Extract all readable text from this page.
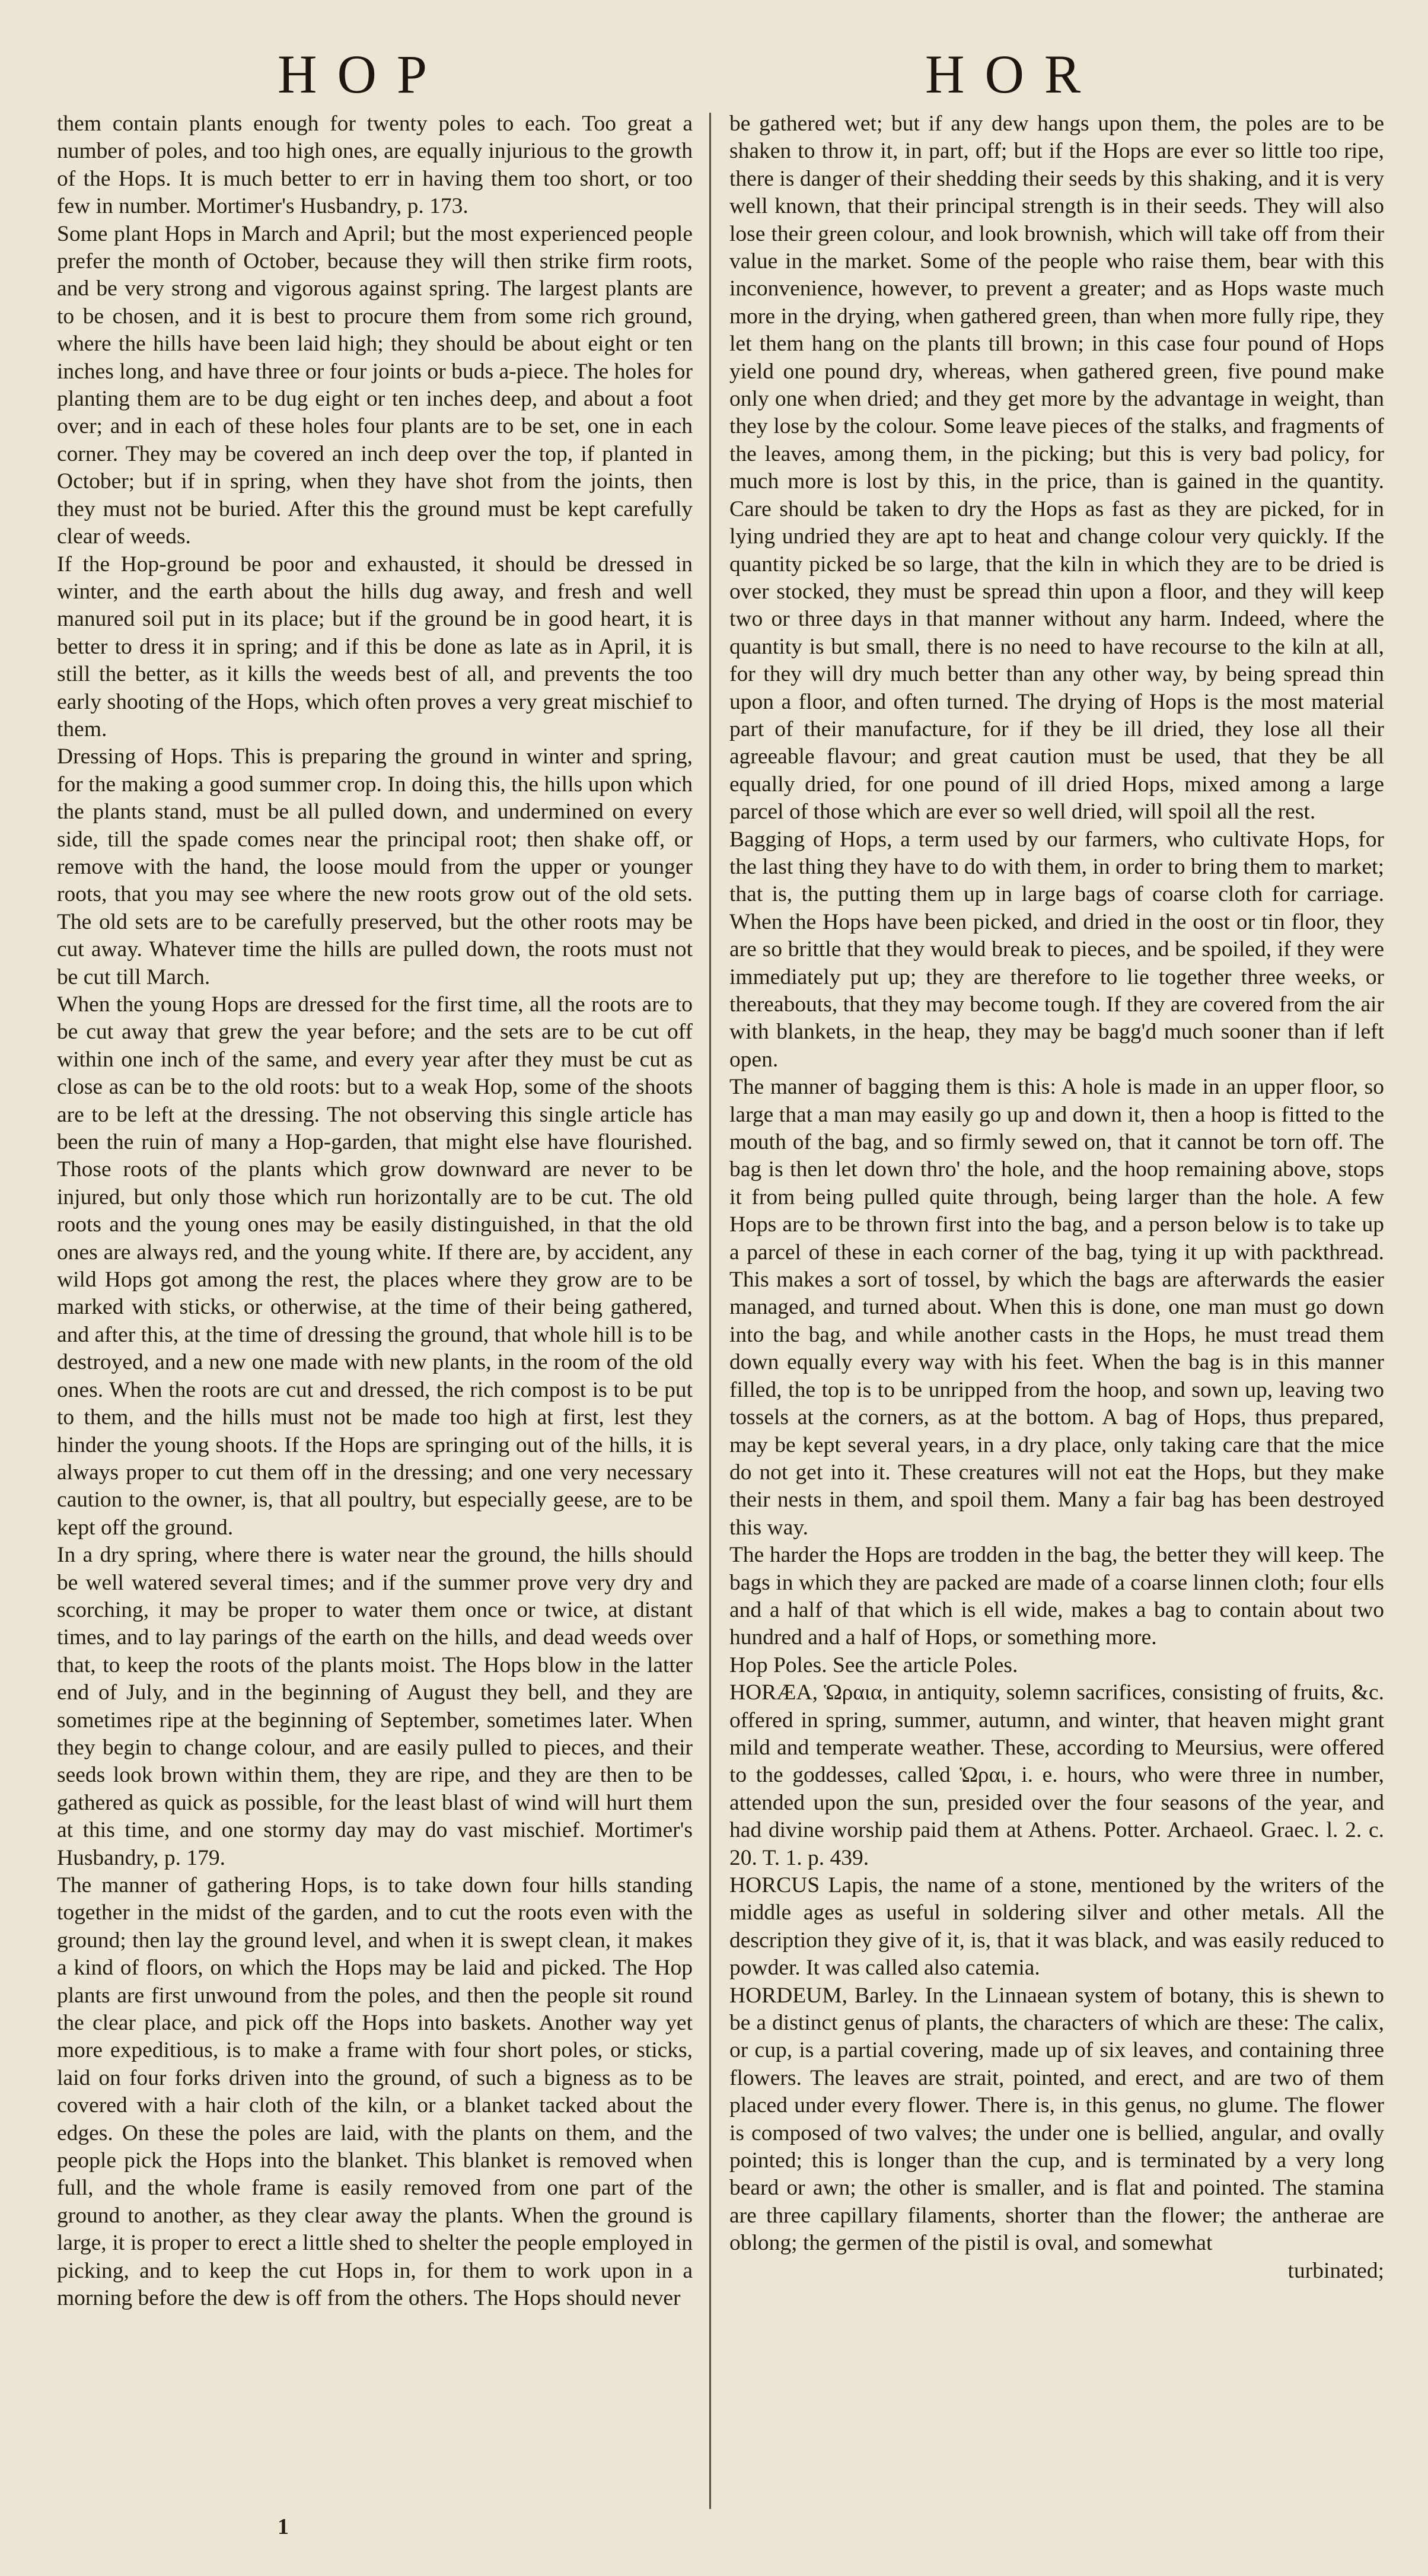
HOP	HOR

them contain plants enough for twenty poles to each. Too great a number of poles, and too high ones, are equally injurious to the growth of the Hops. It is much better to err in having them too short, or too few in number. Mortimer's Husbandry, p. 173.

Some plant Hops in March and April; but the most experienced people prefer the month of October, because they will then strike firm roots, and be very strong and vigorous against spring. The largest plants are to be chosen, and it is best to procure them from some rich ground, where the hills have been laid high; they should be about eight or ten inches long, and have three or four joints or buds a-piece. The holes for planting them are to be dug eight or ten inches deep, and about a foot over; and in each of these holes four plants are to be set, one in each corner. They may be covered an inch deep over the top, if planted in October; but if in spring, when they have shot from the joints, then they must not be buried. After this the ground must be kept carefully clear of weeds.

If the Hop-ground be poor and exhausted, it should be dressed in winter, and the earth about the hills dug away, and fresh and well manured soil put in its place; but if the ground be in good heart, it is better to dress it in spring; and if this be done as late as in April, it is still the better, as it kills the weeds best of all, and prevents the too early shooting of the Hops, which often proves a very great mischief to them.

Dressing of Hops. This is preparing the ground in winter and spring, for the making a good summer crop. In doing this, the hills upon which the plants stand, must be all pulled down, and undermined on every side, till the spade comes near the principal root; then shake off, or remove with the hand, the loose mould from the upper or younger roots, that you may see where the new roots grow out of the old sets. The old sets are to be carefully preserved, but the other roots may be cut away. Whatever time the hills are pulled down, the roots must not be cut till March.

When the young Hops are dressed for the first time, all the roots are to be cut away that grew the year before; and the sets are to be cut off within one inch of the same, and every year after they must be cut as close as can be to the old roots: but to a weak Hop, some of the shoots are to be left at the dressing. The not observing this single article has been the ruin of many a Hop-garden, that might else have flourished. Those roots of the plants which grow downward are never to be injured, but only those which run horizontally are to be cut. The old roots and the young ones may be easily distinguished, in that the old ones are always red, and the young white. If there are, by accident, any wild Hops got among the rest, the places where they grow are to be marked with sticks, or otherwise, at the time of their being gathered, and after this, at the time of dressing the ground, that whole hill is to be destroyed, and a new one made with new plants, in the room of the old ones. When the roots are cut and dressed, the rich compost is to be put to them, and the hills must not be made too high at first, lest they hinder the young shoots. If the Hops are springing out of the hills, it is always proper to cut them off in the dressing; and one very necessary caution to the owner, is, that all poultry, but especially geese, are to be kept off the ground.

In a dry spring, where there is water near the ground, the hills should be well watered several times; and if the summer prove very dry and scorching, it may be proper to water them once or twice, at distant times, and to lay parings of the earth on the hills, and dead weeds over that, to keep the roots of the plants moist. The Hops blow in the latter end of July, and in the beginning of August they bell, and they are sometimes ripe at the beginning of September, sometimes later. When they begin to change colour, and are easily pulled to pieces, and their seeds look brown within them, they are ripe, and they are then to be gathered as quick as possible, for the least blast of wind will hurt them at this time, and one stormy day may do vast mischief. Mortimer's Husbandry, p. 179.

The manner of gathering Hops, is to take down four hills standing together in the midst of the garden, and to cut the roots even with the ground; then lay the ground level, and when it is swept clean, it makes a kind of floors, on which the Hops may be laid and picked. The Hop plants are first unwound from the poles, and then the people sit round the clear place, and pick off the Hops into baskets. Another way yet more expeditious, is to make a frame with four short poles, or sticks, laid on four forks driven into the ground, of such a bigness as to be covered with a hair cloth of the kiln, or a blanket tacked about the edges. On these the poles are laid, with the plants on them, and the people pick the Hops into the blanket. This blanket is removed when full, and the whole frame is easily removed from one part of the ground to another, as they clear away the plants. When the ground is large, it is proper to erect a little shed to shelter the people employed in picking, and to keep the cut Hops in, for them to work upon in a morning before the dew is off from the others. The Hops should never

be gathered wet; but if any dew hangs upon them, the poles are to be shaken to throw it, in part, off; but if the Hops are ever so little too ripe, there is danger of their shedding their seeds by this shaking, and it is very well known, that their principal strength is in their seeds. They will also lose their green colour, and look brownish, which will take off from their value in the market. Some of the people who raise them, bear with this inconvenience, however, to prevent a greater; and as Hops waste much more in the drying, when gathered green, than when more fully ripe, they let them hang on the plants till brown; in this case four pound of Hops yield one pound dry, whereas, when gathered green, five pound make only one when dried; and they get more by the advantage in weight, than they lose by the colour. Some leave pieces of the stalks, and fragments of the leaves, among them, in the picking; but this is very bad policy, for much more is lost by this, in the price, than is gained in the quantity. Care should be taken to dry the Hops as fast as they are picked, for in lying undried they are apt to heat and change colour very quickly. If the quantity picked be so large, that the kiln in which they are to be dried is over stocked, they must be spread thin upon a floor, and they will keep two or three days in that manner without any harm. Indeed, where the quantity is but small, there is no need to have recourse to the kiln at all, for they will dry much better than any other way, by being spread thin upon a floor, and often turned. The drying of Hops is the most material part of their manufacture, for if they be ill dried, they lose all their agreeable flavour; and great caution must be used, that they be all equally dried, for one pound of ill dried Hops, mixed among a large parcel of those which are ever so well dried, will spoil all the rest.

Bagging of Hops, a term used by our farmers, who cultivate Hops, for the last thing they have to do with them, in order to bring them to market; that is, the putting them up in large bags of coarse cloth for carriage. When the Hops have been picked, and dried in the oost or tin floor, they are so brittle that they would break to pieces, and be spoiled, if they were immediately put up; they are therefore to lie together three weeks, or thereabouts, that they may become tough. If they are covered from the air with blankets, in the heap, they may be bagg'd much sooner than if left open.

The manner of bagging them is this: A hole is made in an upper floor, so large that a man may easily go up and down it, then a hoop is fitted to the mouth of the bag, and so firmly sewed on, that it cannot be torn off. The bag is then let down thro' the hole, and the hoop remaining above, stops it from being pulled quite through, being larger than the hole. A few Hops are to be thrown first into the bag, and a person below is to take up a parcel of these in each corner of the bag, tying it up with packthread. This makes a sort of tossel, by which the bags are afterwards the easier managed, and turned about. When this is done, one man must go down into the bag, and while another casts in the Hops, he must tread them down equally every way with his feet. When the bag is in this manner filled, the top is to be unripped from the hoop, and sown up, leaving two tossels at the corners, as at the bottom. A bag of Hops, thus prepared, may be kept several years, in a dry place, only taking care that the mice do not get into it. These creatures will not eat the Hops, but they make their nests in them, and spoil them. Many a fair bag has been destroyed this way.

The harder the Hops are trodden in the bag, the better they will keep. The bags in which they are packed are made of a coarse linnen cloth; four ells and a half of that which is ell wide, makes a bag to contain about two hundred and a half of Hops, or something more.

Hop Poles. See the article Poles.

HORÆA, Ὡραια, in antiquity, solemn sacrifices, consisting of fruits, &c. offered in spring, summer, autumn, and winter, that heaven might grant mild and temperate weather. These, according to Meursius, were offered to the goddesses, called Ὡραι, i. e. hours, who were three in number, attended upon the sun, presided over the four seasons of the year, and had divine worship paid them at Athens. Potter. Archaeol. Graec. l. 2. c. 20. T. 1. p. 439.

HORCUS Lapis, the name of a stone, mentioned by the writers of the middle ages as useful in soldering silver and other metals. All the description they give of it, is, that it was black, and was easily reduced to powder. It was called also catemia.

HORDEUM, Barley. In the Linnaean system of botany, this is shewn to be a distinct genus of plants, the characters of which are these: The calix, or cup, is a partial covering, made up of six leaves, and containing three flowers. The leaves are strait, pointed, and erect, and are two of them placed under every flower. There is, in this genus, no glume. The flower is composed of two valves; the under one is bellied, angular, and ovally pointed; this is longer than the cup, and is terminated by a very long beard or awn; the other is smaller, and is flat and pointed. The stamina are three capillary filaments, shorter than the flower; the antherae are oblong; the germen of the pistil is oval, and somewhat

turbinated;

1
